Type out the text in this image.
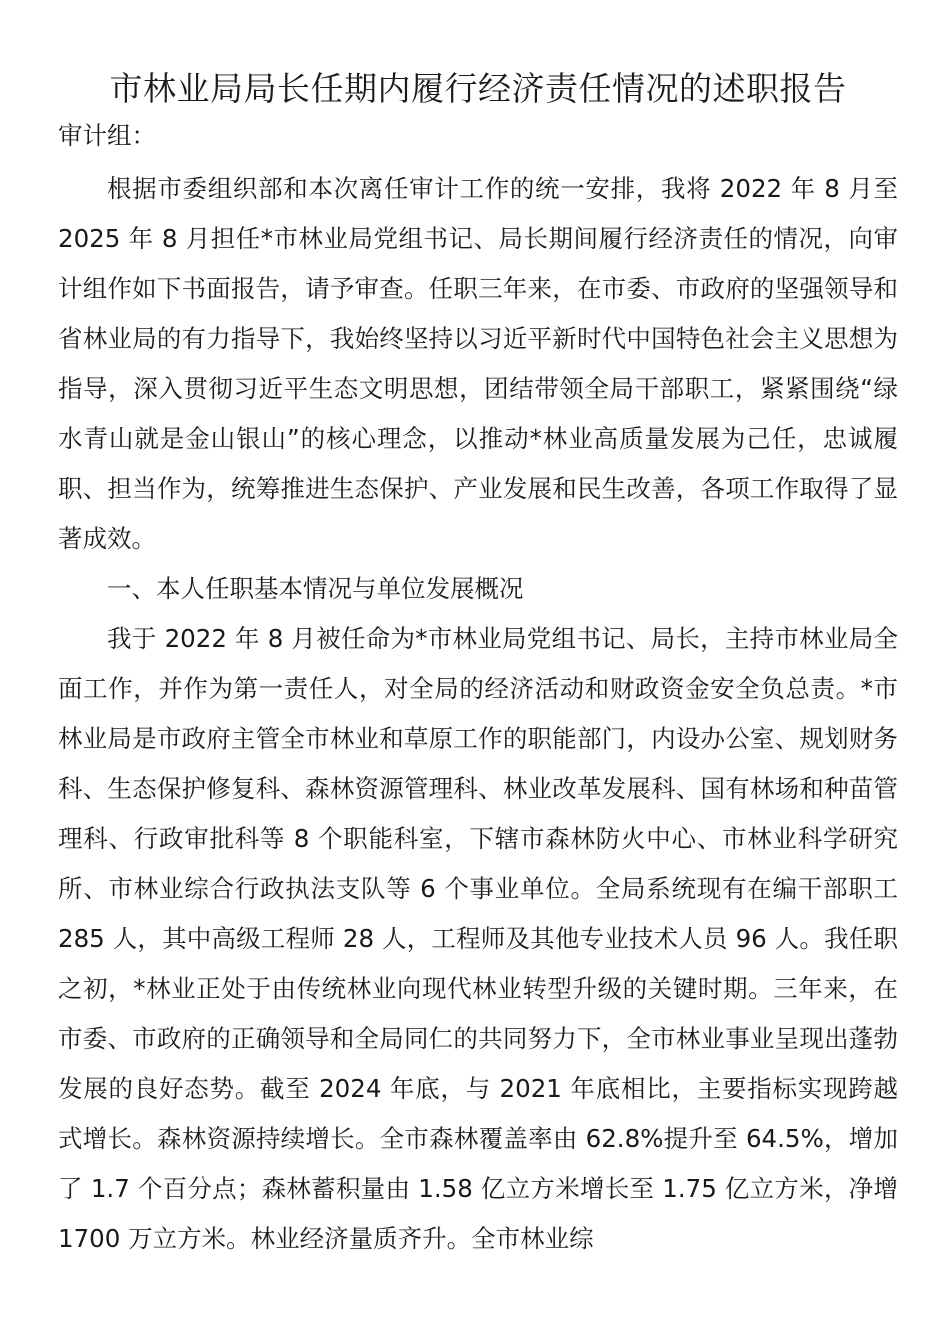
市林业局局长任期内履行经济责任情况的述职报告

审计组：

根据市委组织部和本次离任审计工作的统一安排，我将 2022 年 8 月至 2025 年 8 月担任*市林业局党组书记、局长期间履行经济责任的情况，向审计组作如下书面报告，请予审查。任职三年来，在市委、市政府的坚强领导和省林业局的有力指导下，我始终坚持以习近平新时代中国特色社会主义思想为指导，深入贯彻习近平生态文明思想，团结带领全局干部职工，紧紧围绕“绿水青山就是金山银山”的核心理念，以推动*林业高质量发展为己任，忠诚履职、担当作为，统筹推进生态保护、产业发展和民生改善，各项工作取得了显著成效。

一、本人任职基本情况与单位发展概况

我于 2022 年 8 月被任命为*市林业局党组书记、局长，主持市林业局全面工作，并作为第一责任人，对全局的经济活动和财政资金安全负总责。*市林业局是市政府主管全市林业和草原工作的职能部门，内设办公室、规划财务科、生态保护修复科、森林资源管理科、林业改革发展科、国有林场和种苗管理科、行政审批科等 8 个职能科室，下辖市森林防火中心、市林业科学研究所、市林业综合行政执法支队等 6 个事业单位。全局系统现有在编干部职工 285 人，其中高级工程师 28 人，工程师及其他专业技术人员 96 人。我任职之初，*林业正处于由传统林业向现代林业转型升级的关键时期。三年来，在市委、市政府的正确领导和全局同仁的共同努力下，全市林业事业呈现出蓬勃发展的良好态势。截至 2024 年底，与 2021 年底相比，主要指标实现跨越式增长。森林资源持续增长。全市森林覆盖率由 62.8%提升至 64.5%，增加了 1.7 个百分点；森林蓄积量由 1.58 亿立方米增长至 1.75 亿立方米，净增 1700 万立方米。林业经济量质齐升。全市林业综
